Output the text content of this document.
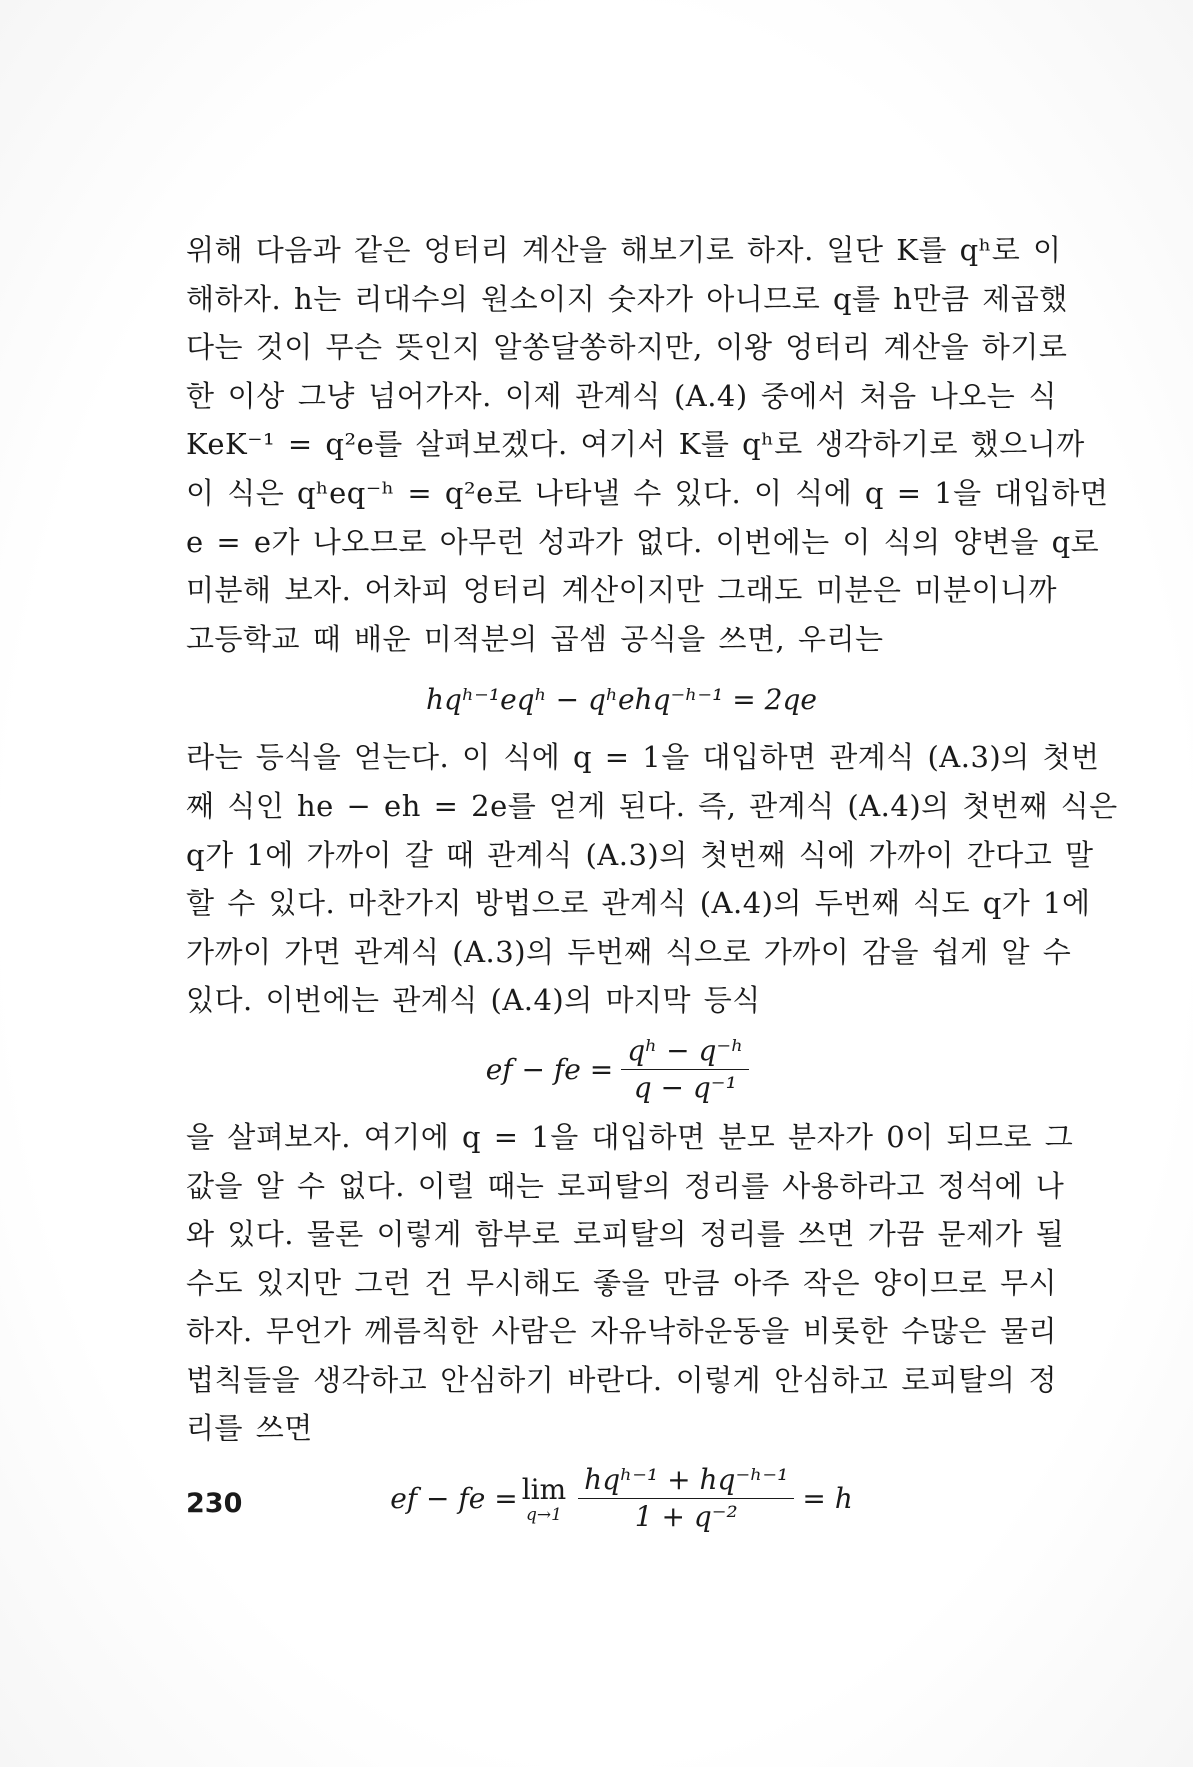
위해 다음과 같은 엉터리 계산을 해보기로 하자. 일단 K를 qʰ로 이
해하자. h는 리대수의 원소이지 숫자가 아니므로 q를 h만큼 제곱했
다는 것이 무슨 뜻인지 알쏭달쏭하지만, 이왕 엉터리 계산을 하기로
한 이상 그냥 넘어가자. 이제 관계식 (A.4) 중에서 처음 나오는 식
KeK⁻¹ = q²e를 살펴보겠다. 여기서 K를 qʰ로 생각하기로 했으니까
이 식은 qʰeq⁻ʰ = q²e로 나타낼 수 있다. 이 식에 q = 1을 대입하면
e = e가 나오므로 아무런 성과가 없다. 이번에는 이 식의 양변을 q로
미분해 보자. 어차피 엉터리 계산이지만 그래도 미분은 미분이니까
고등학교 때 배운 미적분의 곱셈 공식을 쓰면, 우리는

hqʰ⁻¹eqʰ − qʰehq⁻ʰ⁻¹ = 2qe

라는 등식을 얻는다. 이 식에 q = 1을 대입하면 관계식 (A.3)의 첫번
째 식인 he − eh = 2e를 얻게 된다. 즉, 관계식 (A.4)의 첫번째 식은
q가 1에 가까이 갈 때 관계식 (A.3)의 첫번째 식에 가까이 간다고 말
할 수 있다. 마찬가지 방법으로 관계식 (A.4)의 두번째 식도 q가 1에
가까이 가면 관계식 (A.3)의 두번째 식으로 가까이 감을 쉽게 알 수
있다. 이번에는 관계식 (A.4)의 마지막 등식

ef − fe = $\frac{\text{qʰ − q⁻ʰ}}{\text{q − q⁻¹}}$

을 살펴보자. 여기에 q = 1을 대입하면 분모 분자가 0이 되므로 그
값을 알 수 없다. 이럴 때는 로피탈의 정리를 사용하라고 정석에 나
와 있다. 물론 이렇게 함부로 로피탈의 정리를 쓰면 가끔 문제가 될
수도 있지만 그런 건 무시해도 좋을 만큼 아주 작은 양이므로 무시
하자. 무언가 께름칙한 사람은 자유낙하운동을 비롯한 수많은 물리
법칙들을 생각하고 안심하기 바란다. 이렇게 안심하고 로피탈의 정
리를 쓰면

ef − fe = lim
$q\to 1 \frac{\text{hqʰ⁻¹ + hq⁻ʰ⁻¹}}{\text{1 + q⁻²}} = h$
230
